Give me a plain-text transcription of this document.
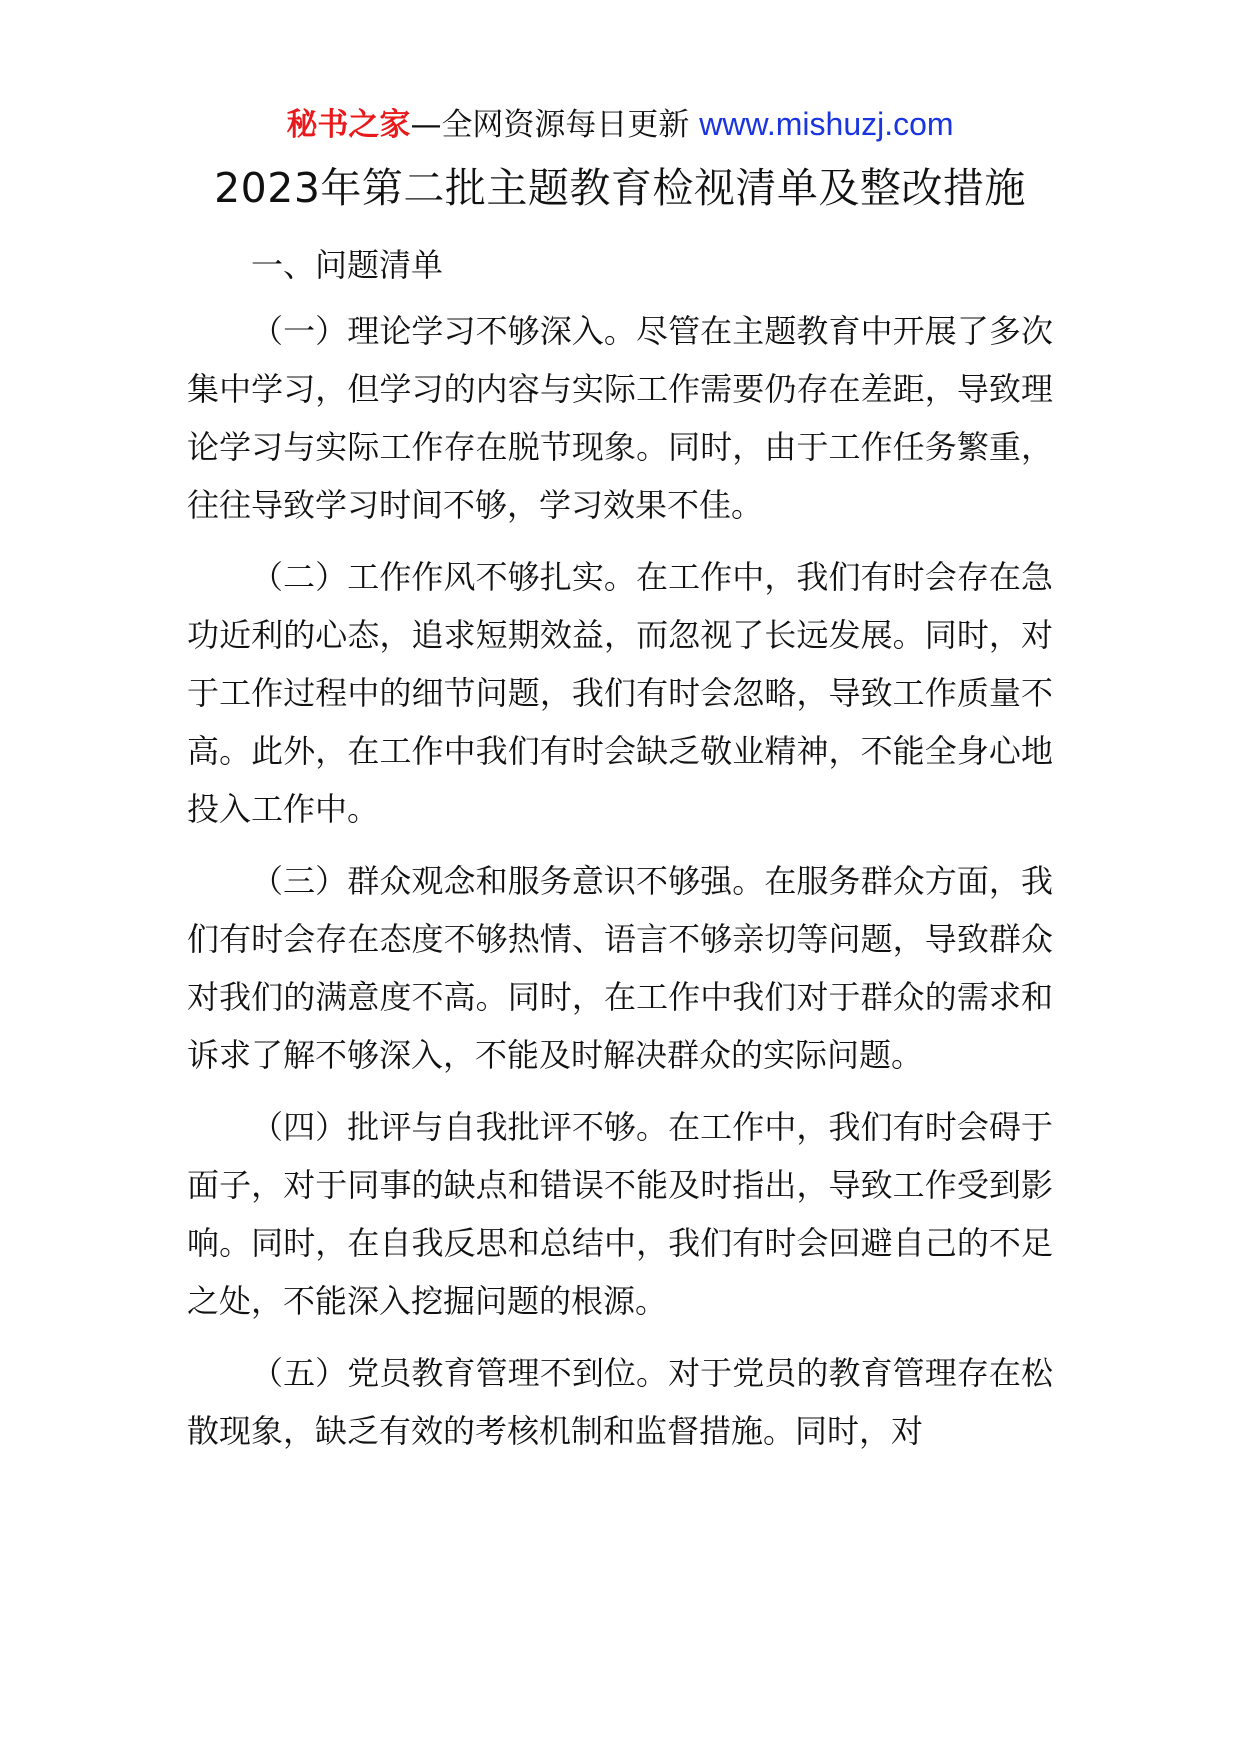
秘书之家—全网资源每日更新 www.mishuzj.com
2023年第二批主题教育检视清单及整改措施
一、问题清单

（一）理论学习不够深入。尽管在主题教育中开展了多次集中学习，但学习的内容与实际工作需要仍存在差距，导致理论学习与实际工作存在脱节现象。同时，由于工作任务繁重，往往导致学习时间不够，学习效果不佳。

（二）工作作风不够扎实。在工作中，我们有时会存在急功近利的心态，追求短期效益，而忽视了长远发展。同时，对于工作过程中的细节问题，我们有时会忽略，导致工作质量不高。此外，在工作中我们有时会缺乏敬业精神，不能全身心地投入工作中。

（三）群众观念和服务意识不够强。在服务群众方面，我们有时会存在态度不够热情、语言不够亲切等问题，导致群众对我们的满意度不高。同时，在工作中我们对于群众的需求和诉求了解不够深入，不能及时解决群众的实际问题。

（四）批评与自我批评不够。在工作中，我们有时会碍于面子，对于同事的缺点和错误不能及时指出，导致工作受到影响。同时，在自我反思和总结中，我们有时会回避自己的不足之处，不能深入挖掘问题的根源。

（五）党员教育管理不到位。对于党员的教育管理存在松散现象，缺乏有效的考核机制和监督措施。同时，对
